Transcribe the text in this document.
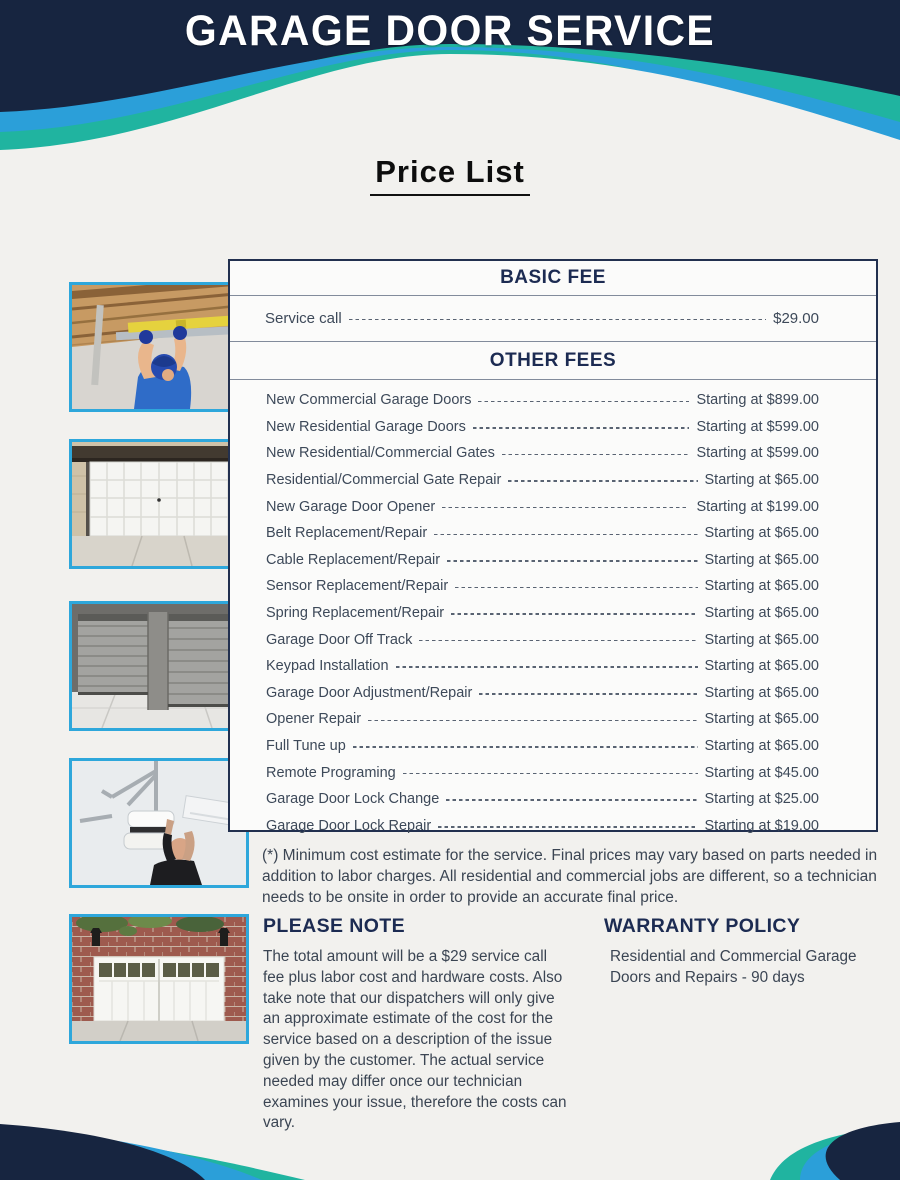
GARAGE DOOR SERVICE
Price List
BASIC FEE
Service call	$29.00
OTHER FEES
New Commercial Garage Doors	Starting at $899.00
New Residential Garage Doors	Starting at $599.00
New Residential/Commercial Gates	Starting at $599.00
Residential/Commercial Gate Repair	Starting at $65.00
New Garage Door Opener	Starting at $199.00
Belt Replacement/Repair	Starting at $65.00
Cable Replacement/Repair	Starting at $65.00
Sensor Replacement/Repair	Starting at $65.00
Spring Replacement/Repair	Starting at $65.00
Garage Door Off Track	Starting at $65.00
Keypad Installation	Starting at $65.00
Garage Door Adjustment/Repair	Starting at $65.00
Opener Repair	Starting at $65.00
Full Tune up	Starting at $65.00
Remote Programing	Starting at $45.00
Garage Door Lock Change	Starting at $25.00
Garage Door Lock Repair	Starting at $19.00

(*) Minimum cost estimate for the service. Final prices may vary based on parts needed in addition to labor charges. All residential and commercial jobs are different, so a technician needs to be onsite in order to provide an accurate final price.

PLEASE NOTE	WARRANTY POLICY

The total amount will be a $29 service call fee plus labor cost and hardware costs. Also take note that our dispatchers will only give an approximate estimate of the cost for the service based on a description of the issue given by the customer. The actual service needed may differ once our technician examines your issue, therefore the costs can vary.

Residential and Commercial Garage Doors and Repairs - 90 days
